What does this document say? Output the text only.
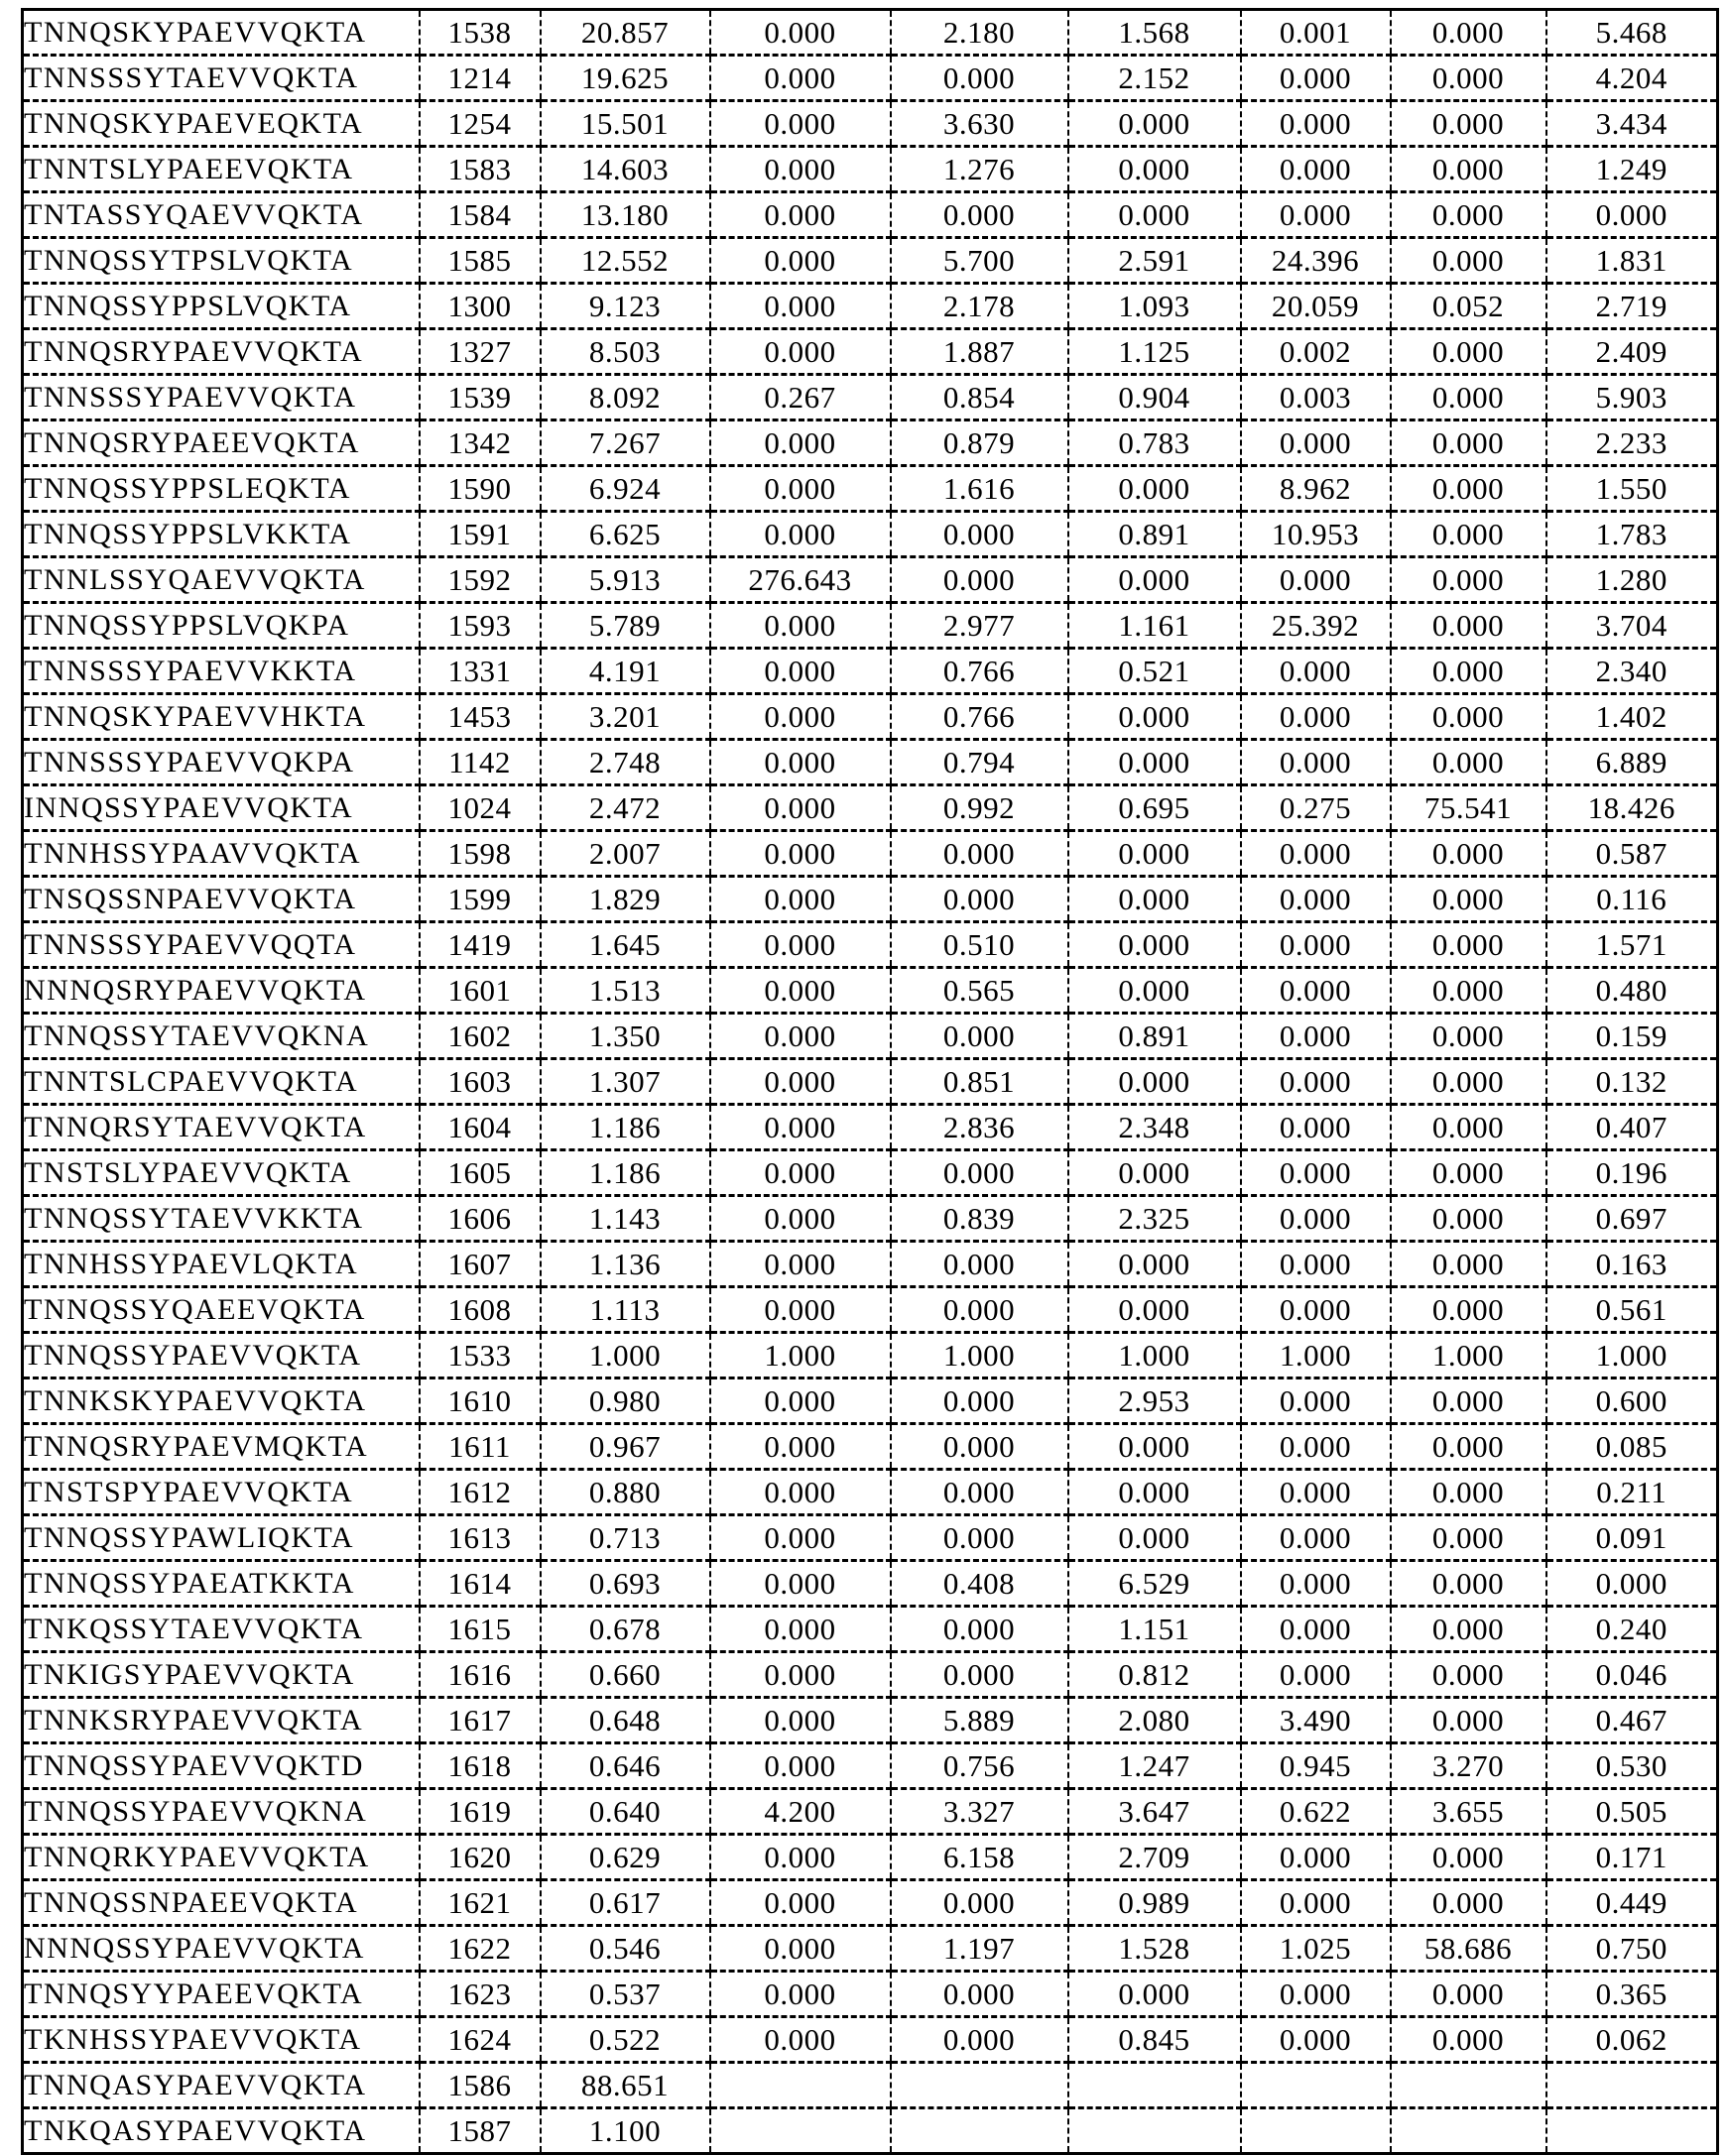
TNNQSKYPAEVVQKTA	1538	20.857	0.000	2.180	1.568	0.001	0.000	5.468
TNNSSSYTAEVVQKTA	1214	19.625	0.000	0.000	2.152	0.000	0.000	4.204
TNNQSKYPAEVEQKTA	1254	15.501	0.000	3.630	0.000	0.000	0.000	3.434
TNNTSLYPAEEVQKTA	1583	14.603	0.000	1.276	0.000	0.000	0.000	1.249
TNTASSYQAEVVQKTA	1584	13.180	0.000	0.000	0.000	0.000	0.000	0.000
TNNQSSYTPSLVQKTA	1585	12.552	0.000	5.700	2.591	24.396	0.000	1.831
TNNQSSYPPSLVQKTA	1300	9.123	0.000	2.178	1.093	20.059	0.052	2.719
TNNQSRYPAEVVQKTA	1327	8.503	0.000	1.887	1.125	0.002	0.000	2.409
TNNSSSYPAEVVQKTA	1539	8.092	0.267	0.854	0.904	0.003	0.000	5.903
TNNQSRYPAEEVQKTA	1342	7.267	0.000	0.879	0.783	0.000	0.000	2.233
TNNQSSYPPSLEQKTA	1590	6.924	0.000	1.616	0.000	8.962	0.000	1.550
TNNQSSYPPSLVKKTA	1591	6.625	0.000	0.000	0.891	10.953	0.000	1.783
TNNLSSYQAEVVQKTA	1592	5.913	276.643	0.000	0.000	0.000	0.000	1.280
TNNQSSYPPSLVQKPA	1593	5.789	0.000	2.977	1.161	25.392	0.000	3.704
TNNSSSYPAEVVKKTA	1331	4.191	0.000	0.766	0.521	0.000	0.000	2.340
TNNQSKYPAEVVHKTA	1453	3.201	0.000	0.766	0.000	0.000	0.000	1.402
TNNSSSYPAEVVQKPA	1142	2.748	0.000	0.794	0.000	0.000	0.000	6.889
INNQSSYPAEVVQKTA	1024	2.472	0.000	0.992	0.695	0.275	75.541	18.426
TNNHSSYPAAVVQKTA	1598	2.007	0.000	0.000	0.000	0.000	0.000	0.587
TNSQSSNPAEVVQKTA	1599	1.829	0.000	0.000	0.000	0.000	0.000	0.116
TNNSSSYPAEVVQQTA	1419	1.645	0.000	0.510	0.000	0.000	0.000	1.571
NNNQSRYPAEVVQKTA	1601	1.513	0.000	0.565	0.000	0.000	0.000	0.480
TNNQSSYTAEVVQKNA	1602	1.350	0.000	0.000	0.891	0.000	0.000	0.159
TNNTSLCPAEVVQKTA	1603	1.307	0.000	0.851	0.000	0.000	0.000	0.132
TNNQRSYTAEVVQKTA	1604	1.186	0.000	2.836	2.348	0.000	0.000	0.407
TNSTSLYPAEVVQKTA	1605	1.186	0.000	0.000	0.000	0.000	0.000	0.196
TNNQSSYTAEVVKKTA	1606	1.143	0.000	0.839	2.325	0.000	0.000	0.697
TNNHSSYPAEVLQKTA	1607	1.136	0.000	0.000	0.000	0.000	0.000	0.163
TNNQSSYQAEEVQKTA	1608	1.113	0.000	0.000	0.000	0.000	0.000	0.561
TNNQSSYPAEVVQKTA	1533	1.000	1.000	1.000	1.000	1.000	1.000	1.000
TNNKSKYPAEVVQKTA	1610	0.980	0.000	0.000	2.953	0.000	0.000	0.600
TNNQSRYPAEVMQKTA	1611	0.967	0.000	0.000	0.000	0.000	0.000	0.085
TNSTSPYPAEVVQKTA	1612	0.880	0.000	0.000	0.000	0.000	0.000	0.211
TNNQSSYPAWLIQKTA	1613	0.713	0.000	0.000	0.000	0.000	0.000	0.091
TNNQSSYPAEATKKTA	1614	0.693	0.000	0.408	6.529	0.000	0.000	0.000
TNKQSSYTAEVVQKTA	1615	0.678	0.000	0.000	1.151	0.000	0.000	0.240
TNKIGSYPAEVVQKTA	1616	0.660	0.000	0.000	0.812	0.000	0.000	0.046
TNNKSRYPAEVVQKTA	1617	0.648	0.000	5.889	2.080	3.490	0.000	0.467
TNNQSSYPAEVVQKTD	1618	0.646	0.000	0.756	1.247	0.945	3.270	0.530
TNNQSSYPAEVVQKNA	1619	0.640	4.200	3.327	3.647	0.622	3.655	0.505
TNNQRKYPAEVVQKTA	1620	0.629	0.000	6.158	2.709	0.000	0.000	0.171
TNNQSSNPAEEVQKTA	1621	0.617	0.000	0.000	0.989	0.000	0.000	0.449
NNNQSSYPAEVVQKTA	1622	0.546	0.000	1.197	1.528	1.025	58.686	0.750
TNNQSYYPAEEVQKTA	1623	0.537	0.000	0.000	0.000	0.000	0.000	0.365
TKNHSSYPAEVVQKTA	1624	0.522	0.000	0.000	0.845	0.000	0.000	0.062
TNNQASYPAEVVQKTA	1586	88.651						
TNKQASYPAEVVQKTA	1587	1.100						
